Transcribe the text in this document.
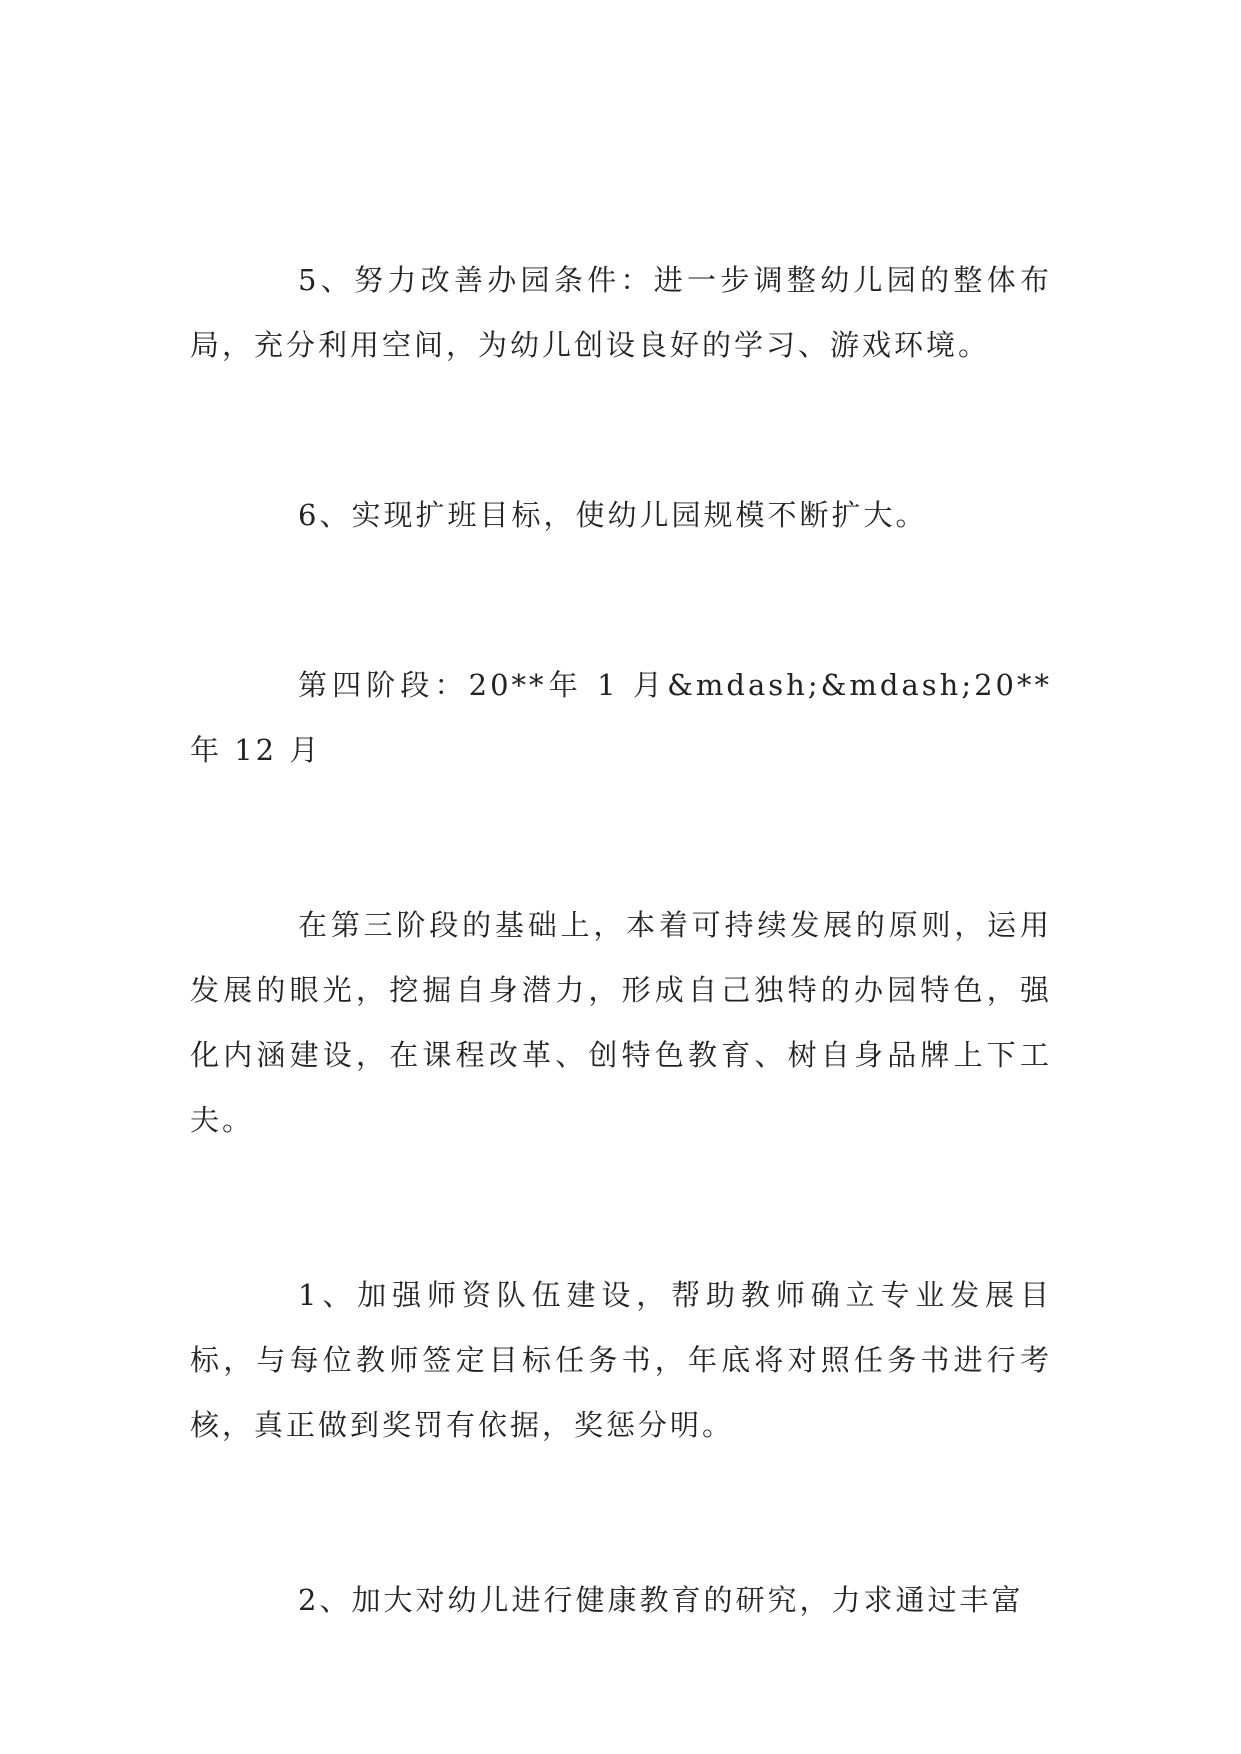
5、努力改善办园条件：进一步调整幼儿园的整体布局，充分利用空间，为幼儿创设良好的学习、游戏环境。

6、实现扩班目标，使幼儿园规模不断扩大。

第四阶段：20**年 1 月&mdash;&mdash;20**年 12 月

在第三阶段的基础上，本着可持续发展的原则，运用发展的眼光，挖掘自身潜力，形成自己独特的办园特色，强化内涵建设，在课程改革、创特色教育、树自身品牌上下工夫。

1、加强师资队伍建设，帮助教师确立专业发展目标，与每位教师签定目标任务书，年底将对照任务书进行考核，真正做到奖罚有依据，奖惩分明。

2、加大对幼儿进行健康教育的研究，力求通过丰富
